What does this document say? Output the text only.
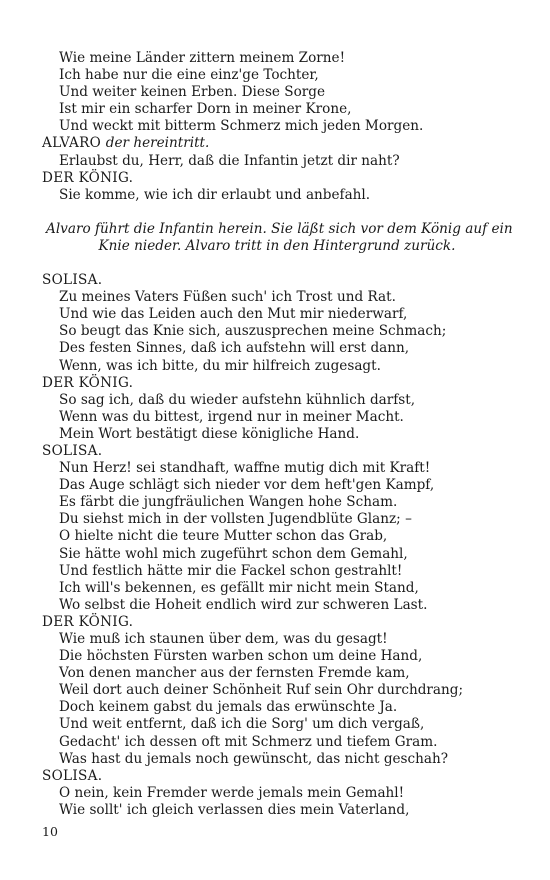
Wie meine Länder zittern meinem Zorne!
Ich habe nur die eine einz'ge Tochter,
Und weiter keinen Erben. Diese Sorge
Ist mir ein scharfer Dorn in meiner Krone,
Und weckt mit bitterm Schmerz mich jeden Morgen.
ALVARO der hereintritt.
Erlaubst du, Herr, daß die Infantin jetzt dir naht?
DER KÖNIG.
Sie komme, wie ich dir erlaubt und anbefahl.
Alvaro führt die Infantin herein. Sie läßt sich vor dem König auf ein
Knie nieder. Alvaro tritt in den Hintergrund zurück.
SOLISA.
Zu meines Vaters Füßen such' ich Trost und Rat.
Und wie das Leiden auch den Mut mir niederwarf,
So beugt das Knie sich, auszusprechen meine Schmach;
Des festen Sinnes, daß ich aufstehn will erst dann,
Wenn, was ich bitte, du mir hilfreich zugesagt.
DER KÖNIG.
So sag ich, daß du wieder aufstehn kühnlich darfst,
Wenn was du bittest, irgend nur in meiner Macht.
Mein Wort bestätigt diese königliche Hand.
SOLISA.
Nun Herz! sei standhaft, waffne mutig dich mit Kraft!
Das Auge schlägt sich nieder vor dem heft'gen Kampf,
Es färbt die jungfräulichen Wangen hohe Scham.
Du siehst mich in der vollsten Jugendblüte Glanz; –
O hielte nicht die teure Mutter schon das Grab,
Sie hätte wohl mich zugeführt schon dem Gemahl,
Und festlich hätte mir die Fackel schon gestrahlt!
Ich will's bekennen, es gefällt mir nicht mein Stand,
Wo selbst die Hoheit endlich wird zur schweren Last.
DER KÖNIG.
Wie muß ich staunen über dem, was du gesagt!
Die höchsten Fürsten warben schon um deine Hand,
Von denen mancher aus der fernsten Fremde kam,
Weil dort auch deiner Schönheit Ruf sein Ohr durchdrang;
Doch keinem gabst du jemals das erwünschte Ja.
Und weit entfernt, daß ich die Sorg' um dich vergaß,
Gedacht' ich dessen oft mit Schmerz und tiefem Gram.
Was hast du jemals noch gewünscht, das nicht geschah?
SOLISA.
O nein, kein Fremder werde jemals mein Gemahl!
Wie sollt' ich gleich verlassen dies mein Vaterland,
10
